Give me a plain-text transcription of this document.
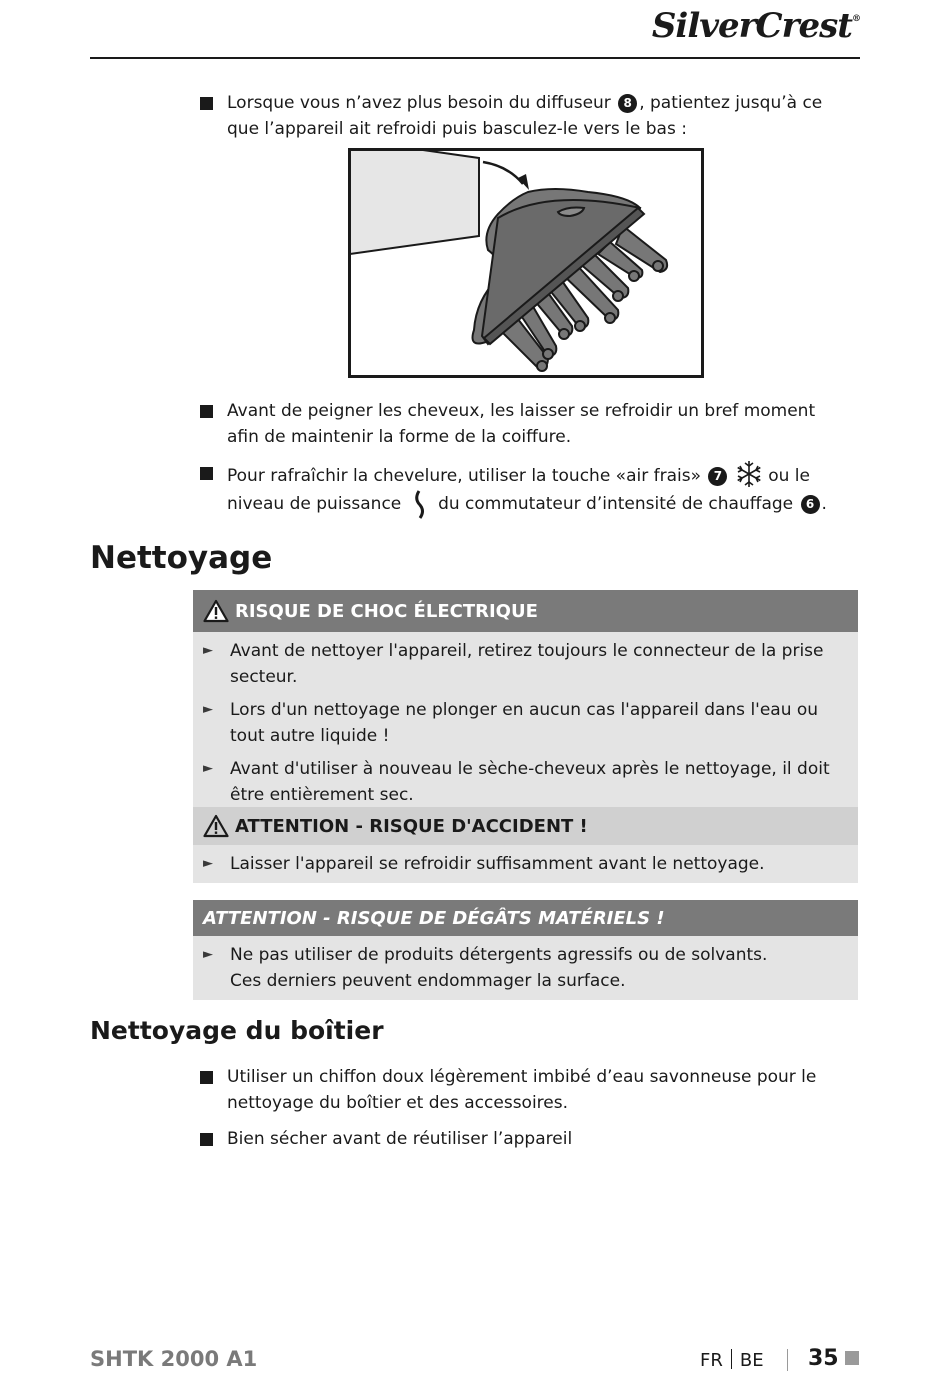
SilverCrest®
Lorsque vous n’avez plus besoin du diffuseur 8 , patientez jusqu’à ce que l’appareil ait refroidi puis basculez-le vers le bas :
Avant de peigner les cheveux, les laisser se refroidir un bref moment afin de maintenir la forme de la coiffure.
Pour rafraîchir la chevelure, utiliser la touche «air frais» 7  ou le niveau de puissance  du commutateur d’intensité de chauffage 6 .
Nettoyage
RISQUE DE CHOC ÉLECTRIQUE
► Avant de nettoyer l'appareil, retirez toujours le connecteur de la prise secteur.
► Lors d'un nettoyage ne plonger en aucun cas l'appareil dans l'eau ou tout autre liquide !
► Avant d'utiliser à nouveau le sèche-cheveux après le nettoyage, il doit être entièrement sec.
ATTENTION - RISQUE D'ACCIDENT !
► Laisser l'appareil se refroidir suffisamment avant le nettoyage.
ATTENTION - RISQUE DE DÉGÂTS MATÉRIELS !
► Ne pas utiliser de produits détergents agressifs ou de solvants.
Ces derniers peuvent endommager la surface.
Nettoyage du boîtier
Utiliser un chiffon doux légèrement imbibé d’eau savonneuse pour le nettoyage du boîtier et des accessoires.
Bien sécher avant de réutiliser l’appareil
SHTK 2000 A1	FR BE 35
